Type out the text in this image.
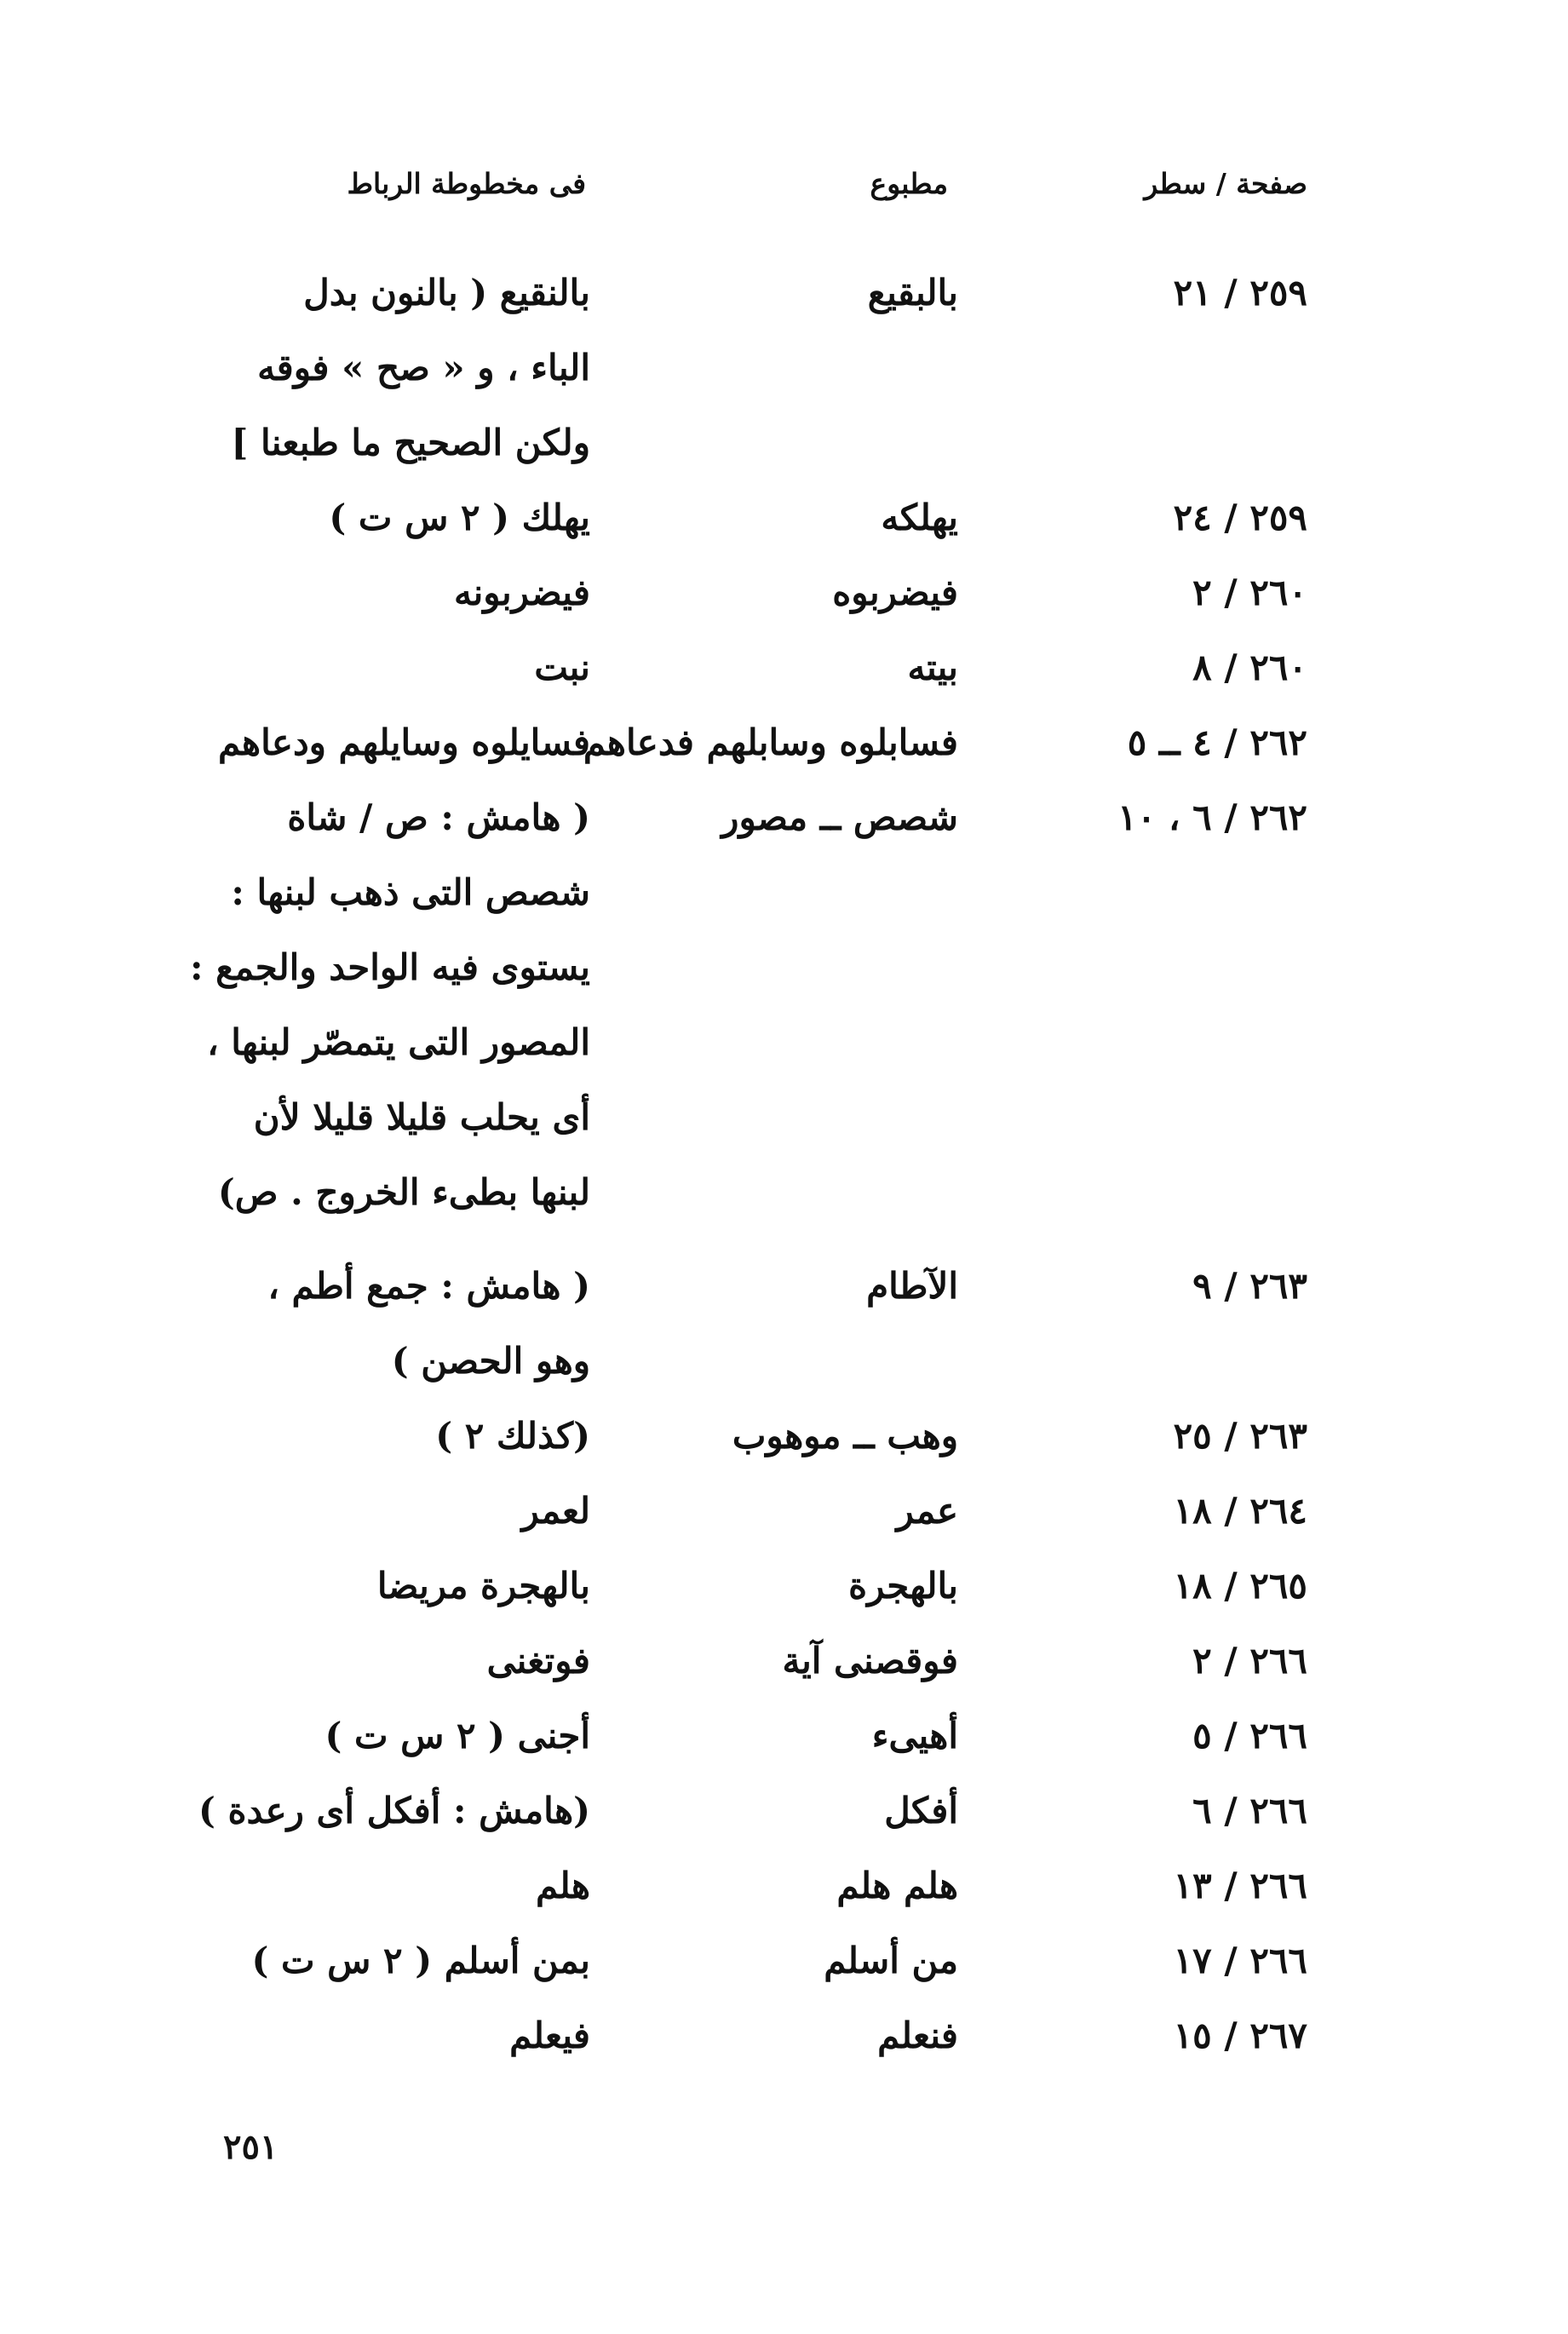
صفحة / سطر
مطبوع
فى مخطوطة الرباط
٢٥٩ / ٢١
بالبقيع
بالنقيع ( بالنون بدل
الباء ، و « صح » فوقه
ولكن الصحيح ما طبعنا ]
٢٥٩ / ٢٤
يهلكه
يهلك ( ٢ س ت )
٢٦٠ / ٢
فيضربوه
فيضربونه
٢٦٠ / ٨
بيته
نبت
٢٦٢ / ٤ ــ ٥
فسابلوه وسابلهم فدعاهم
فسايلوه وسايلهم ودعاهم
٢٦٢ / ٦ ، ١٠
شصص ــ مصور
( هامش : ص / شاة
شصص التى ذهب لبنها :
يستوى فيه الواحد والجمع :
المصور التى يتمصّر لبنها ،
أى يحلب قليلا قليلا لأن
لبنها بطىء الخروج . ص)
٢٦٣ / ٩
الآطام
( هامش : جمع أطم ،
وهو الحصن )
٢٦٣ / ٢٥
وهب ــ موهوب
(كذلك ٢ )
٢٦٤ / ١٨
عمر
لعمر
٢٦٥ / ١٨
بالهجرة
بالهجرة مريضا
٢٦٦ / ٢
فوقصنى آية
فوتغنى
٢٦٦ / ٥
أهيىء
أجنى ( ٢ س ت )
٢٦٦ / ٦
أفكل
(هامش : أفكل أى رعدة )
٢٦٦ / ١٣
هلم هلم
هلم
٢٦٦ / ١٧
من أسلم
بمن أسلم ( ٢ س ت )
٢٦٧ / ١٥
فنعلم
فيعلم
٢٥١
